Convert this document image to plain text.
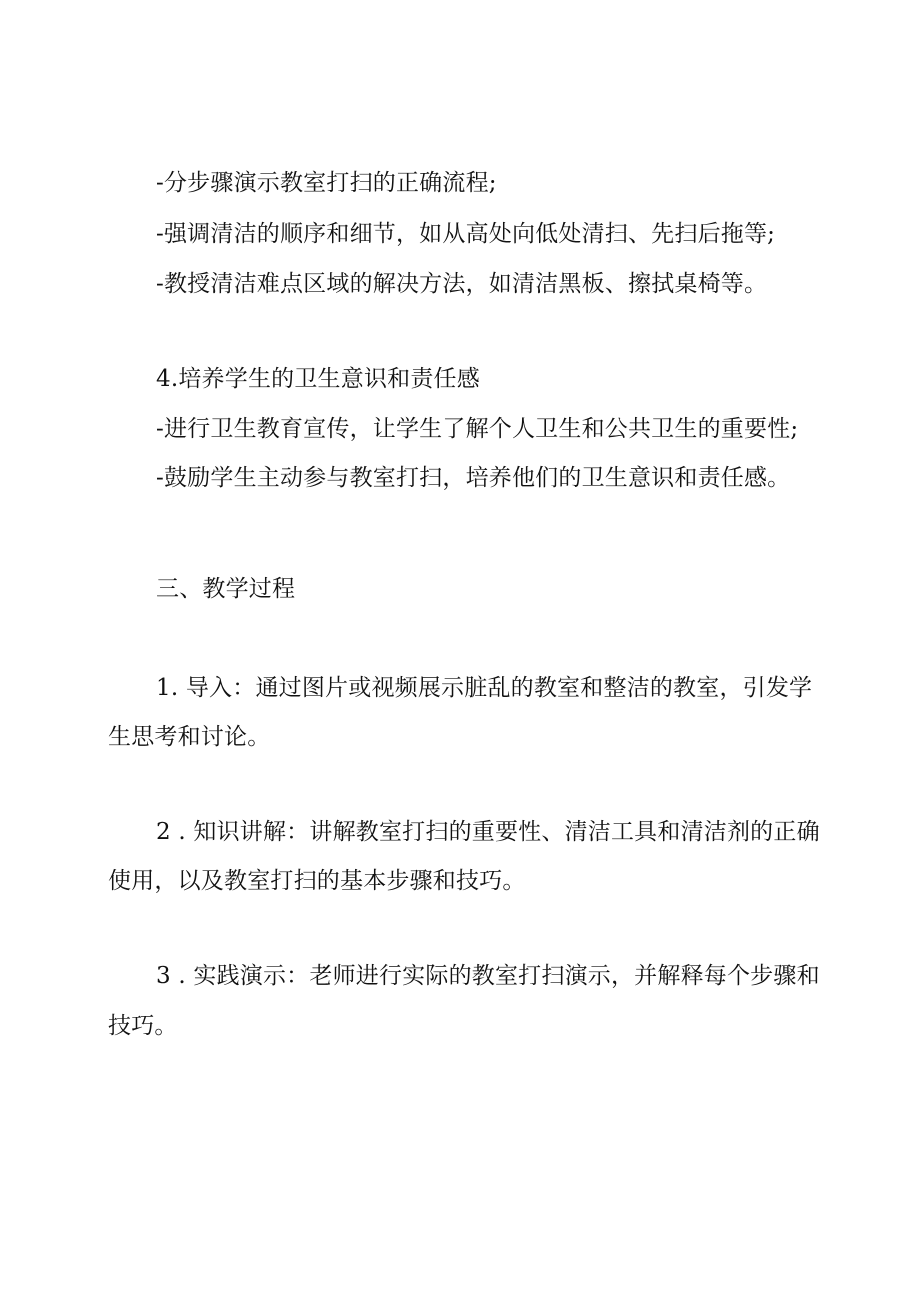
-分步骤演示教室打扫的正确流程;
-强调清洁的顺序和细节，如从高处向低处清扫、先扫后拖等;
-教授清洁难点区域的解决方法，如清洁黑板、擦拭桌椅等。
4.培养学生的卫生意识和责任感
-进行卫生教育宣传，让学生了解个人卫生和公共卫生的重要性;
-鼓励学生主动参与教室打扫，培养他们的卫生意识和责任感。
三、教学过程
1. 导入：通过图片或视频展示脏乱的教室和整洁的教室，引发学
生思考和讨论。
2 . 知识讲解：讲解教室打扫的重要性、清洁工具和清洁剂的正确
使用，以及教室打扫的基本步骤和技巧。
3 . 实践演示：老师进行实际的教室打扫演示，并解释每个步骤和
技巧。
